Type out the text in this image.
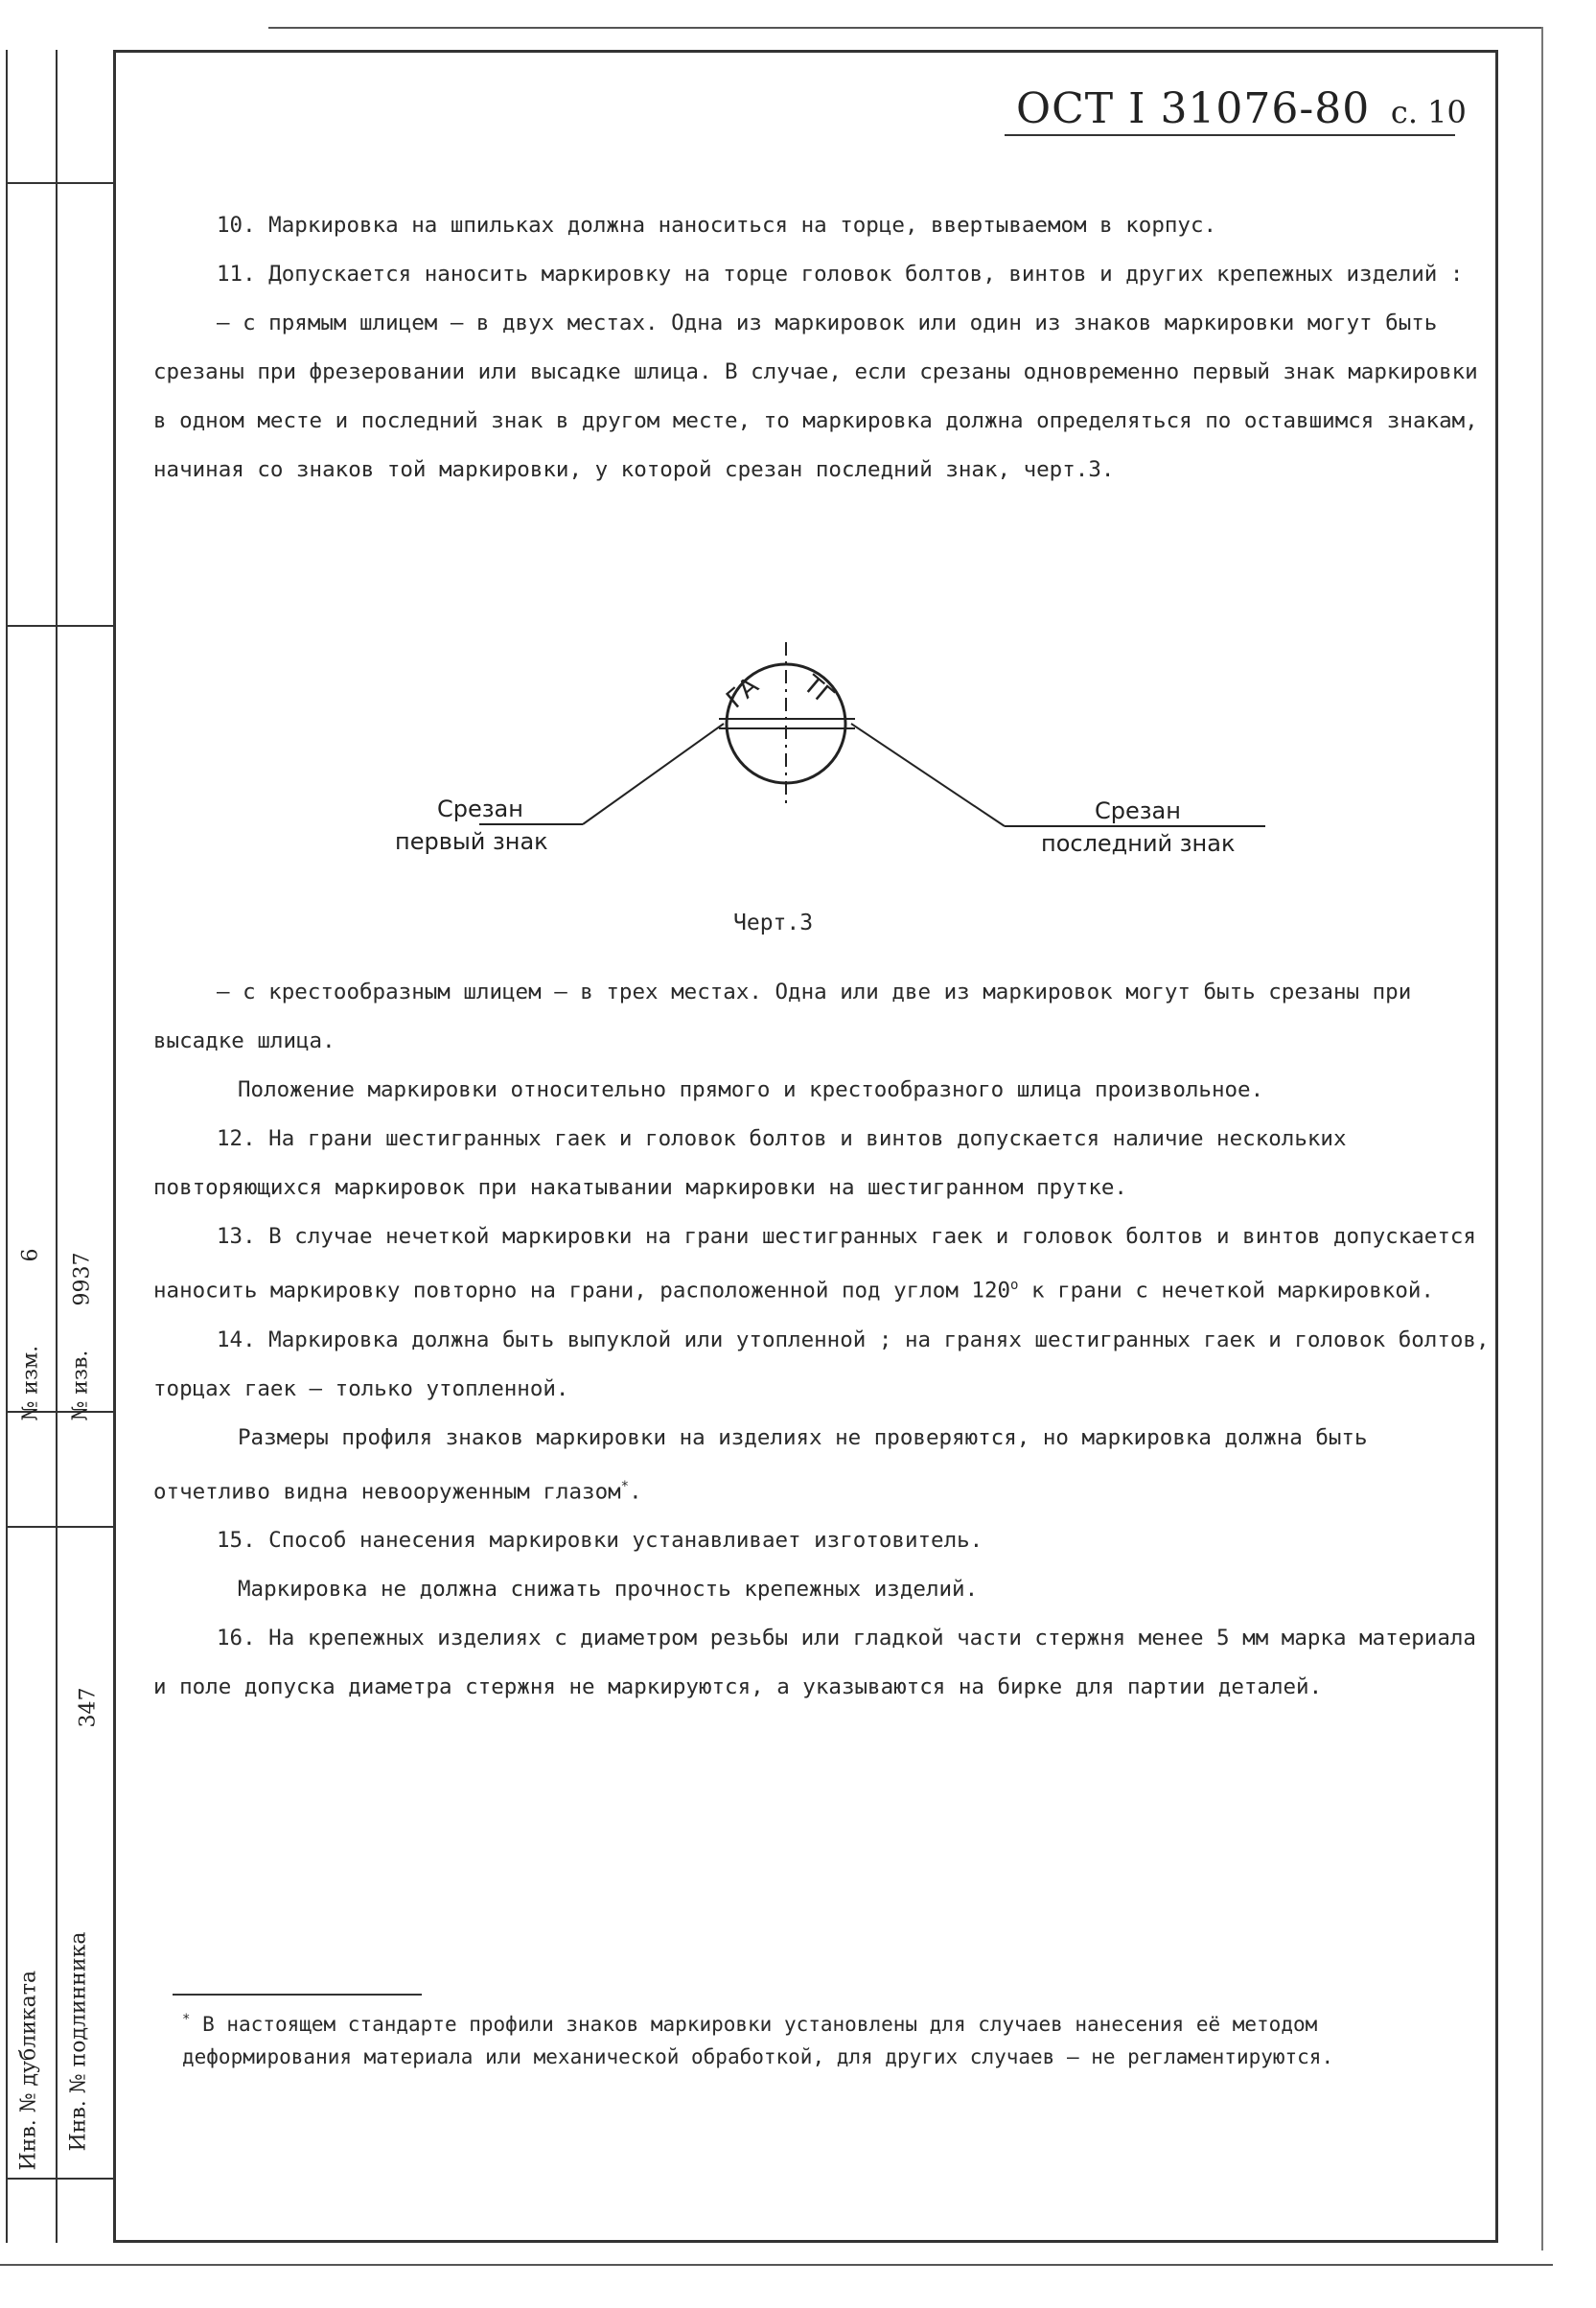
№ изм.
6
№ изв.
9937
Инв. № дубликата Инв. № подлинника
347
ОСТ I 31076-80 с. 10

10. Маркировка на шпильках должна наноситься на торце, ввертываемом в корпус.

11. Допускается наносить маркировку на торце головок болтов, винтов и других крепежных изделий :

– с прямым шлицем – в двух местах. Одна из маркировок или один из знаков маркировки могут быть срезаны при фрезеровании или высадке шлица. В случае, если срезаны одновременно первый знак маркировки в одном месте и последний знак в другом месте, то маркировка должна определяться по оставшимся знакам, начиная со знаков той маркировки, у которой срезан последний знак, черт.3.

ГА ТГ
Срезан
первый знак
Срезан
последний знак
Черт.3

– с крестообразным шлицем – в трех местах. Одна или две из маркировок могут быть срезаны при высадке шлица.

Положение маркировки относительно прямого и крестообразного шлица произвольное.

12. На грани шестигранных гаек и головок болтов и винтов допускается наличие нескольких повторяющихся маркировок при накатывании маркировки на шестигранном прутке.

13. В случае нечеткой маркировки на грани шестигранных гаек и головок болтов и винтов допускается наносить маркировку повторно на грани, расположенной под углом $120^о$ к грани с нечеткой маркировкой.

14. Маркировка должна быть выпуклой или утопленной ; на гранях шестигранных гаек и головок болтов, торцах гаек – только утопленной.

Размеры профиля знаков маркировки на изделиях не проверяются, но маркировка должна быть отчетливо видна невооруженным глазом*.

15. Способ нанесения маркировки устанавливает изготовитель.

Маркировка не должна снижать прочность крепежных изделий.

16. На крепежных изделиях с диаметром резьбы или гладкой части стержня менее 5 мм марка материала и поле допуска диаметра стержня не маркируются, а указываются на бирке для партии деталей.

* В настоящем стандарте профили знаков маркировки установлены для случаев нанесения её методом деформирования материала или механической обработкой, для других случаев – не регламентируются.
